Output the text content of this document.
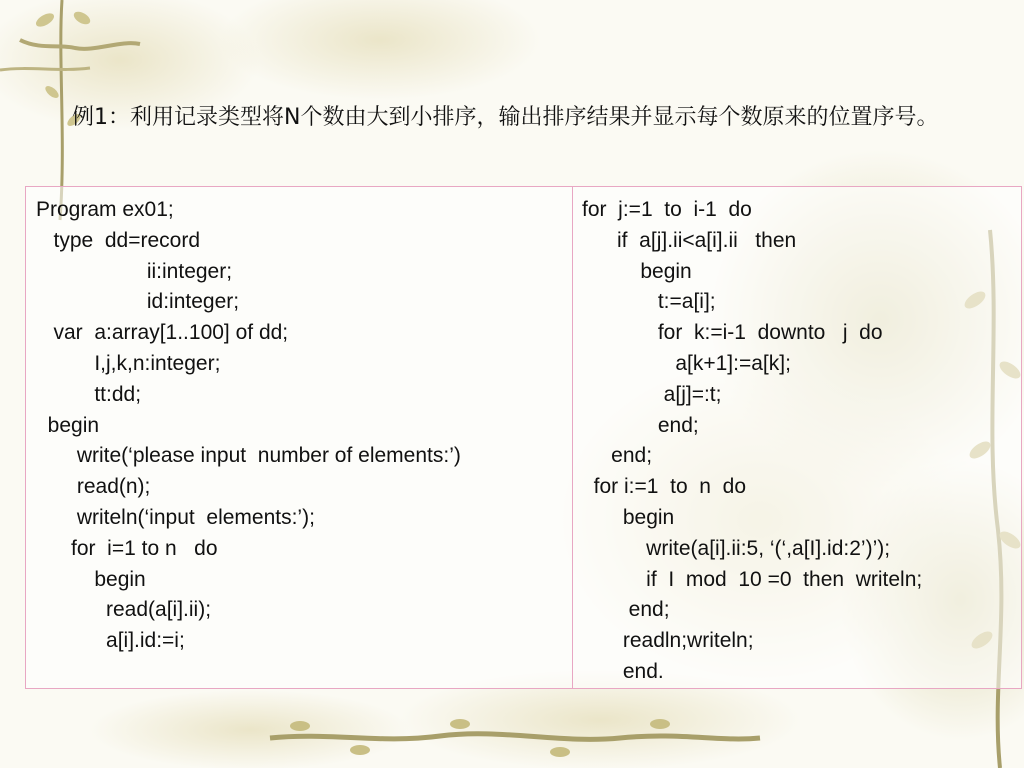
例1：利用记录类型将N个数由大到小排序，输出排序结果并显示每个数原来的位置序号。
Program ex01;
type  dd=record
ii:integer;
id:integer;
var  a:array[1..100] of dd;
I,j,k,n:integer;
tt:dd;
begin
write(‘please input  number of elements:’)
read(n);
writeln(‘input  elements:’);
for  i=1 to n   do
begin
read(a[i].ii);
a[i].id:=i;
for  j:=1  to  i-1  do
if  a[j].ii<a[i].ii   then
begin
t:=a[i];
for  k:=i-1  downto   j  do
a[k+1]:=a[k];
a[j]=:t;
end;
end;
for i:=1  to  n  do
begin
write(a[i].ii:5, ‘(‘,a[I].id:2’)’);
if  I  mod  10 =0  then  writeln;
end;
readln;writeln;
end.
